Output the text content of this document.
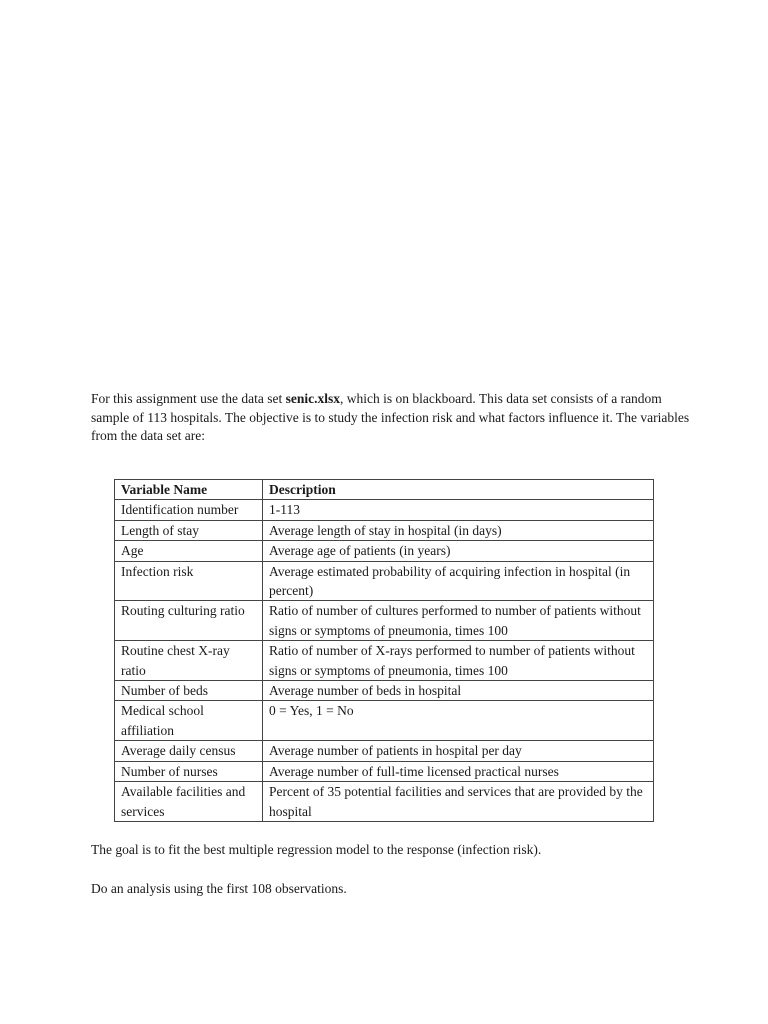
For this assignment use the data set senic.xlsx, which is on blackboard. This data set consists of a random sample of 113 hospitals. The objective is to study the infection risk and what factors influence it. The variables from the data set are:

Variable Name	Description
Identification number	1-113
Length of stay	Average length of stay in hospital (in days)
Age	Average age of patients (in years)
Infection risk	Average estimated probability of acquiring infection in hospital (in percent)
Routing culturing ratio	Ratio of number of cultures performed to number of patients without signs or symptoms of pneumonia, times 100
Routine chest X-ray ratio	Ratio of number of X-rays performed to number of patients without signs or symptoms of pneumonia, times 100
Number of beds	Average number of beds in hospital
Medical school affiliation	0 = Yes, 1 = No
Average daily census	Average number of patients in hospital per day
Number of nurses	Average number of full-time licensed practical nurses
Available facilities and services	Percent of 35 potential facilities and services that are provided by the hospital

The goal is to fit the best multiple regression model to the response (infection risk).

Do an analysis using the first 108 observations.
